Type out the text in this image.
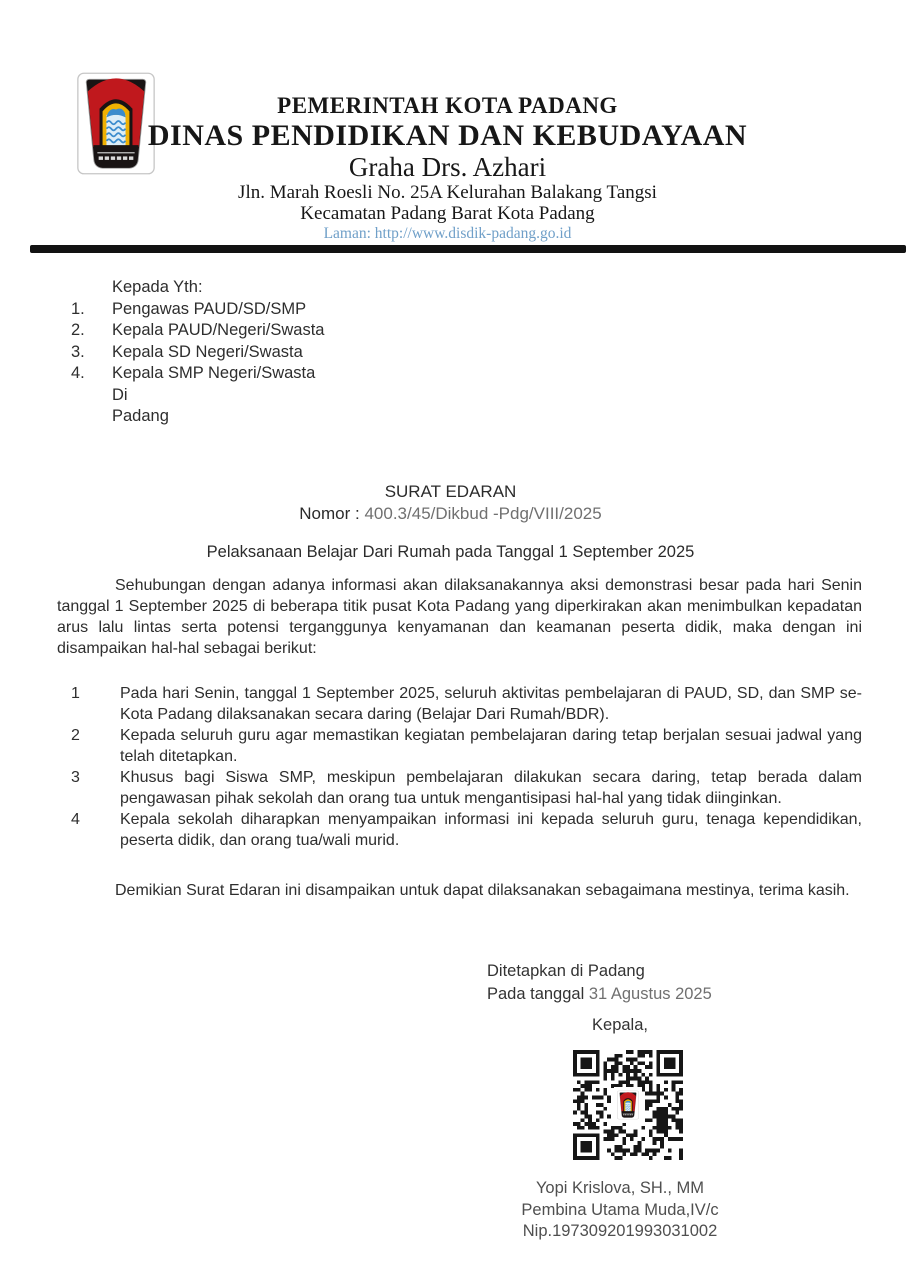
PEMERINTAH KOTA PADANG
DINAS PENDIDIKAN DAN KEBUDAYAAN
Graha Drs. Azhari
Jln. Marah Roesli No. 25A Kelurahan Balakang Tangsi
Kecamatan Padang Barat Kota Padang
Laman: http://www.disdik-padang.go.id
Kepada Yth:
1.	Pengawas PAUD/SD/SMP
2.	Kepala PAUD/Negeri/Swasta
3.	Kepala SD Negeri/Swasta
4.	Kepala SMP Negeri/Swasta
Di
Padang
SURAT EDARAN
Nomor : 400.3/45/Dikbud -Pdg/VIII/2025
Pelaksanaan Belajar Dari Rumah pada Tanggal 1 September 2025

Sehubungan dengan adanya informasi akan dilaksanakannya aksi demonstrasi besar pada hari Senin tanggal 1 September 2025 di beberapa titik pusat Kota Padang yang diperkirakan akan menimbulkan kepadatan arus lalu lintas serta potensi terganggunya kenyamanan dan keamanan peserta didik, maka dengan ini disampaikan hal-hal sebagai berikut:

1	Pada hari Senin, tanggal 1 September 2025, seluruh aktivitas pembelajaran di PAUD, SD, dan SMP se-Kota Padang dilaksanakan secara daring (Belajar Dari Rumah/BDR).
2	Kepada seluruh guru agar memastikan kegiatan pembelajaran daring tetap berjalan sesuai jadwal yang telah ditetapkan.
3	Khusus bagi Siswa SMP, meskipun pembelajaran dilakukan secara daring, tetap berada dalam pengawasan pihak sekolah dan orang tua untuk mengantisipasi hal-hal yang tidak diinginkan.
4	Kepala sekolah diharapkan menyampaikan informasi ini kepada seluruh guru, tenaga kependidikan, peserta didik, dan orang tua/wali murid.

Demikian Surat Edaran ini disampaikan untuk dapat dilaksanakan sebagaimana mestinya, terima kasih.

Ditetapkan di Padang
Pada tanggal 31 Agustus 2025
Kepala,
Yopi Krislova, SH., MM
Pembina Utama Muda,IV/c
Nip.197309201993031002
